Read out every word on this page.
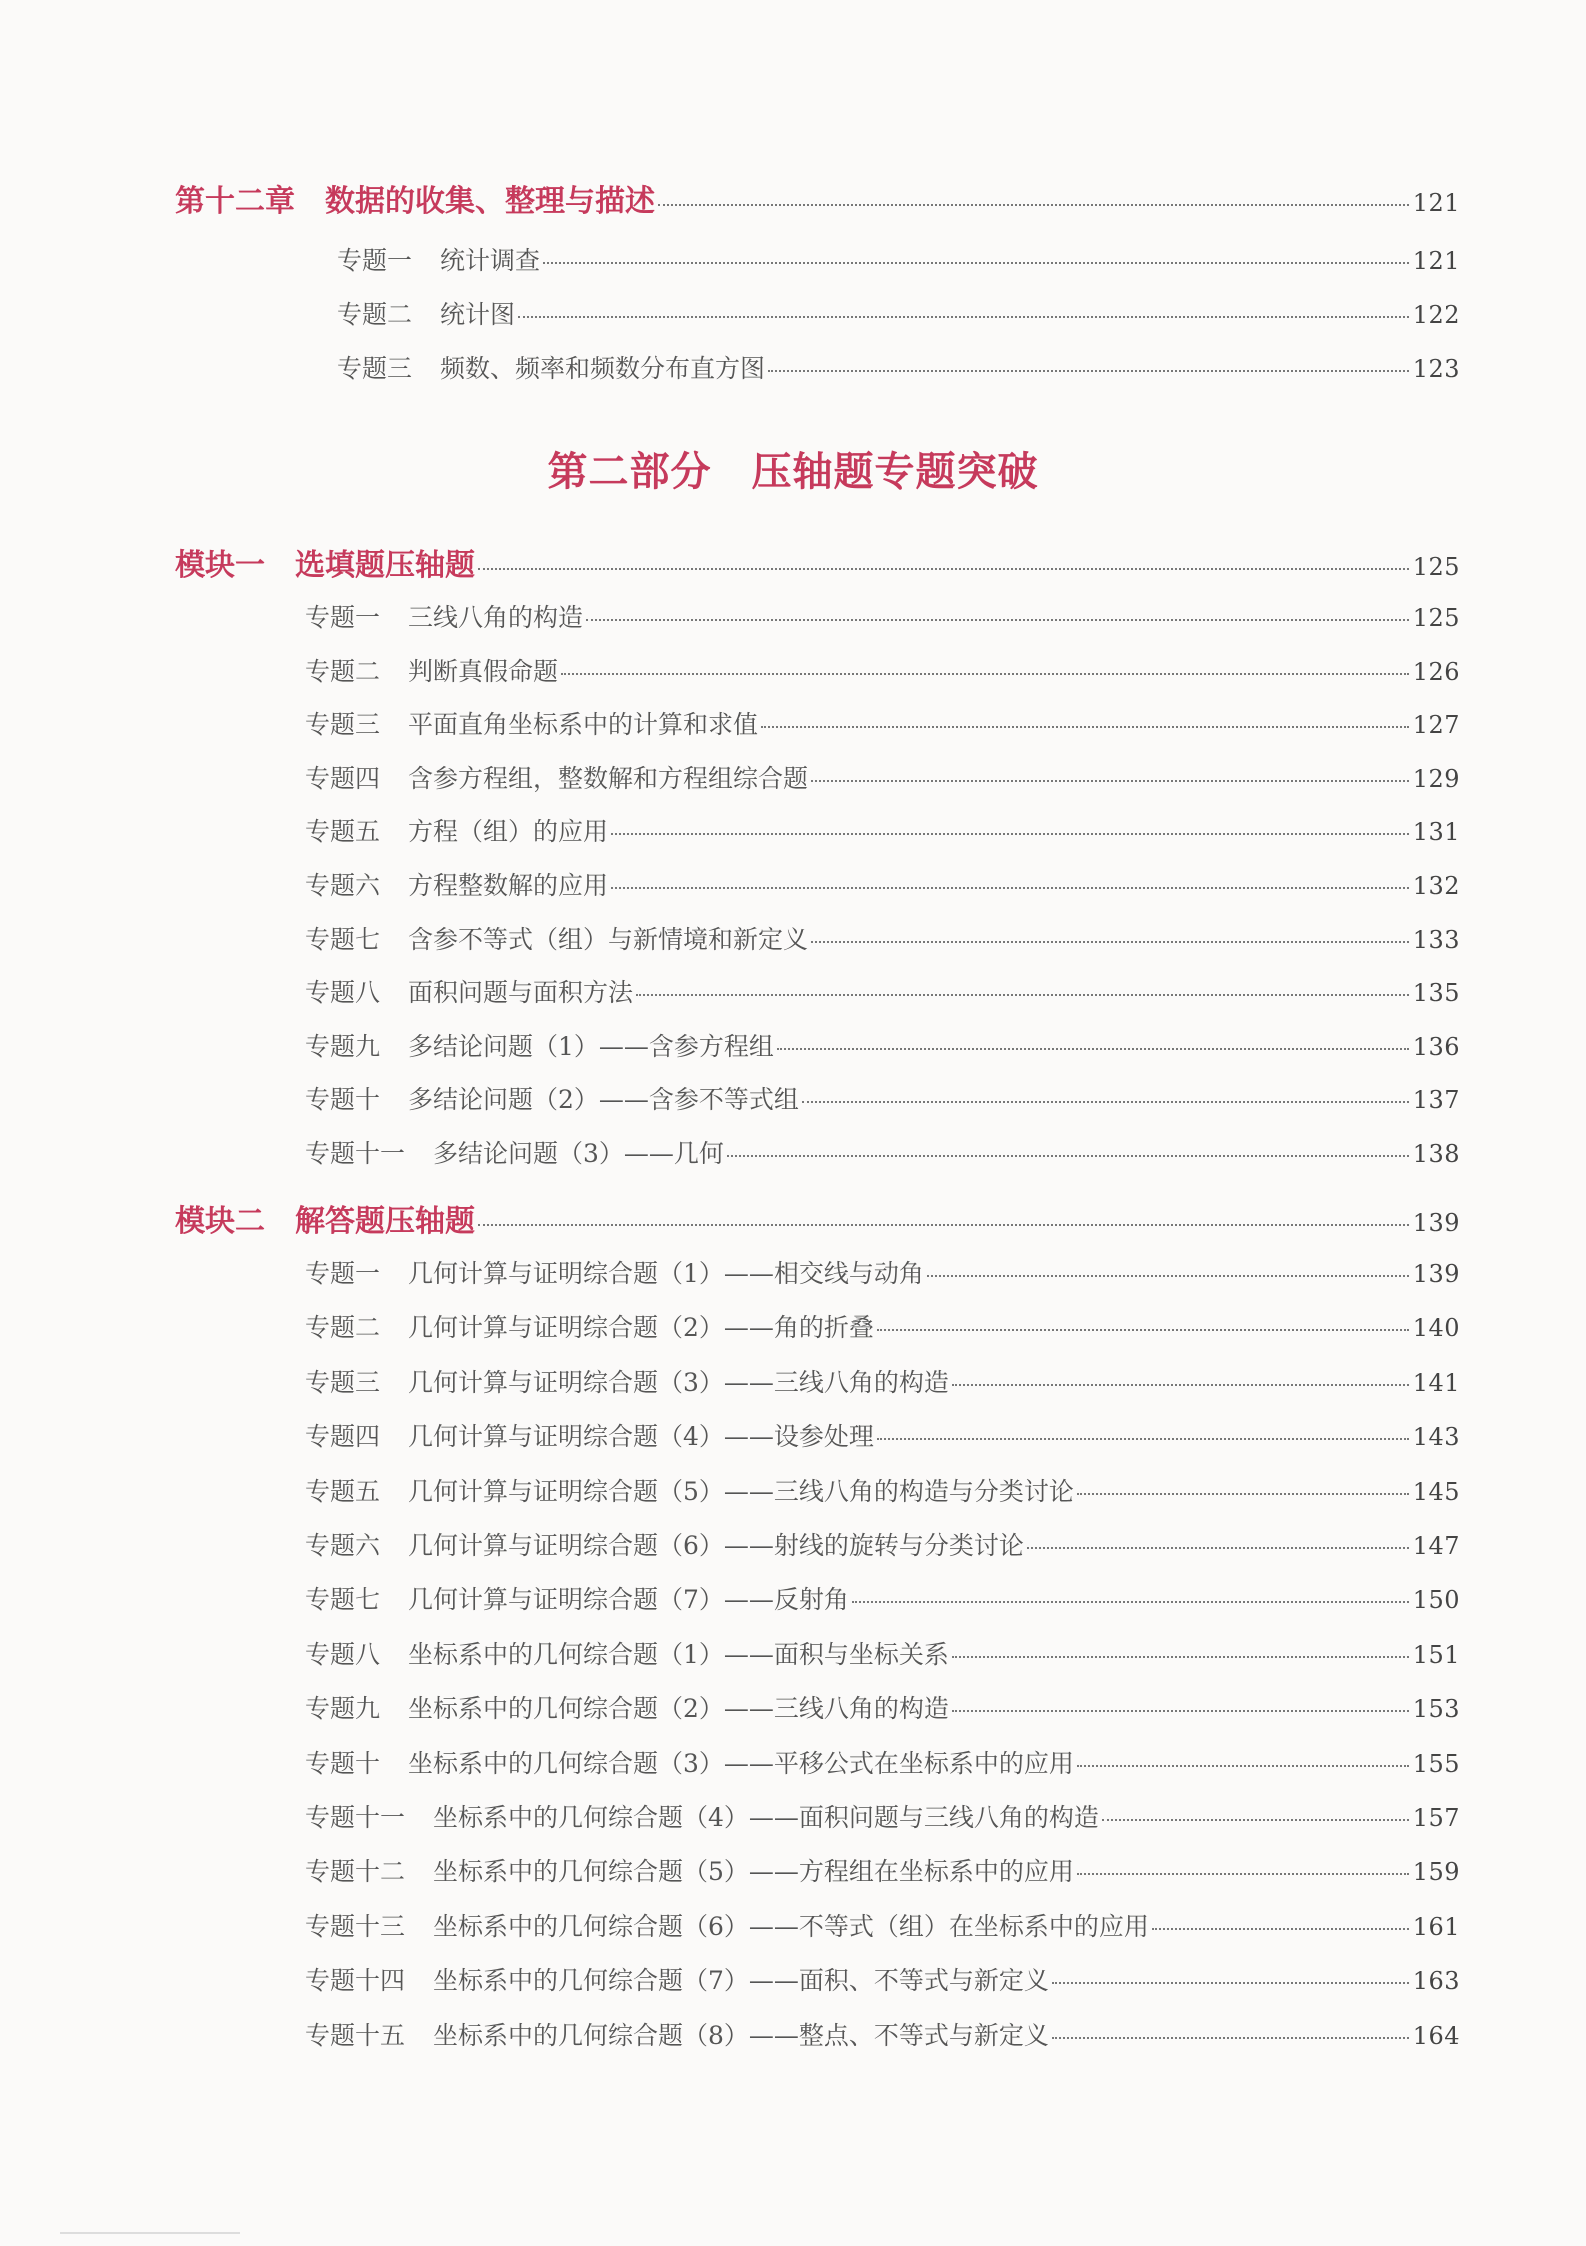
第十二章 数据的收集、整理与描述	121
专题一 统计调查	121
专题二 统计图	122
专题三 频数、频率和频数分布直方图	123
第二部分 压轴题专题突破
模块一 选填题压轴题	125
专题一 三线八角的构造	125
专题二 判断真假命题	126
专题三 平面直角坐标系中的计算和求值	127
专题四 含参方程组，整数解和方程组综合题	129
专题五 方程（组）的应用	131
专题六 方程整数解的应用	132
专题七 含参不等式（组）与新情境和新定义	133
专题八 面积问题与面积方法	135
专题九 多结论问题（1）——含参方程组	136
专题十 多结论问题（2）——含参不等式组	137
专题十一 多结论问题（3）——几何	138
模块二 解答题压轴题	139
专题一 几何计算与证明综合题（1）——相交线与动角	139
专题二 几何计算与证明综合题（2）——角的折叠	140
专题三 几何计算与证明综合题（3）——三线八角的构造	141
专题四 几何计算与证明综合题（4）——设参处理	143
专题五 几何计算与证明综合题（5）——三线八角的构造与分类讨论	145
专题六 几何计算与证明综合题（6）——射线的旋转与分类讨论	147
专题七 几何计算与证明综合题（7）——反射角	150
专题八 坐标系中的几何综合题（1）——面积与坐标关系	151
专题九 坐标系中的几何综合题（2）——三线八角的构造	153
专题十 坐标系中的几何综合题（3）——平移公式在坐标系中的应用	155
专题十一 坐标系中的几何综合题（4）——面积问题与三线八角的构造	157
专题十二 坐标系中的几何综合题（5）——方程组在坐标系中的应用	159
专题十三 坐标系中的几何综合题（6）——不等式（组）在坐标系中的应用	161
专题十四 坐标系中的几何综合题（7）——面积、不等式与新定义	163
专题十五 坐标系中的几何综合题（8）——整点、不等式与新定义	164
